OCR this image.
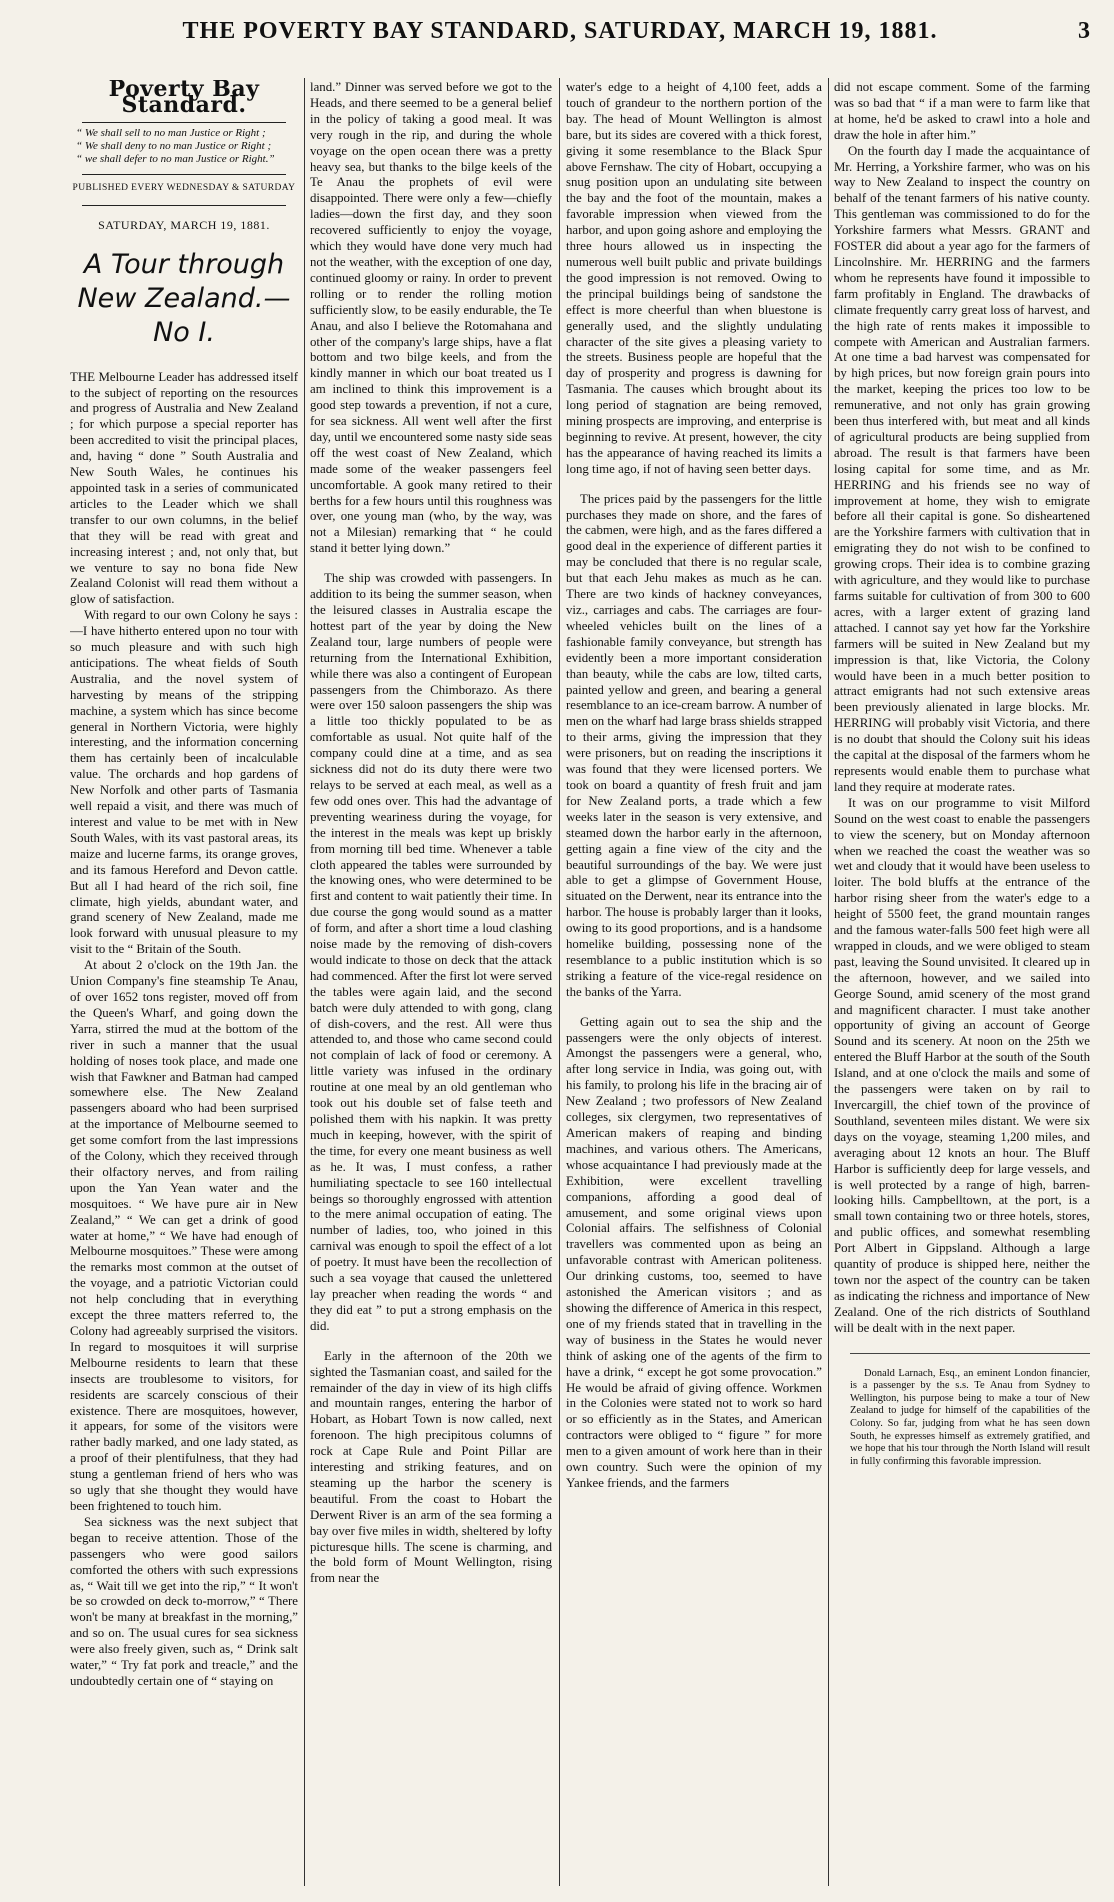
THE POVERTY BAY STANDARD, SATURDAY, MARCH 19, 1881.	3
Poverty Bay Standard.
“ We shall sell to no man Justice or Right ;
“ We shall deny to no man Justice or Right ;
“ we shall defer to no man Justice or Right.”
PUBLISHED EVERY WEDNESDAY & SATURDAY
SATURDAY, MARCH 19, 1881.
A Tour through New Zealand.—No I.

THE Melbourne Leader has addressed itself to the subject of reporting on the resources and progress of Australia and New Zealand ; for which purpose a special reporter has been accredited to visit the principal places, and, having “ done ” South Australia and New South Wales, he continues his appointed task in a series of communicated articles to the Leader which we shall transfer to our own columns, in the belief that they will be read with great and increasing interest ; and, not only that, but we venture to say no bona fide New Zealand Colonist will read them without a glow of satisfaction.

With regard to our own Colony he says :—I have hitherto entered upon no tour with so much pleasure and with such high anticipations. The wheat fields of South Australia, and the novel system of harvesting by means of the stripping machine, a system which has since become general in Northern Victoria, were highly interesting, and the information concerning them has certainly been of incalculable value. The orchards and hop gardens of New Norfolk and other parts of Tasmania well repaid a visit, and there was much of interest and value to be met with in New South Wales, with its vast pastoral areas, its maize and lucerne farms, its orange groves, and its famous Hereford and Devon cattle. But all I had heard of the rich soil, fine climate, high yields, abundant water, and grand scenery of New Zealand, made me look forward with unusual pleasure to my visit to the “ Britain of the South.

At about 2 o'clock on the 19th Jan. the Union Company's fine steamship Te Anau, of over 1652 tons register, moved off from the Queen's Wharf, and going down the Yarra, stirred the mud at the bottom of the river in such a manner that the usual holding of noses took place, and made one wish that Fawkner and Batman had camped somewhere else. The New Zealand passengers aboard who had been surprised at the importance of Melbourne seemed to get some comfort from the last impressions of the Colony, which they received through their olfactory nerves, and from railing upon the Yan Yean water and the mosquitoes. “ We have pure air in New Zealand,” “ We can get a drink of good water at home,” “ We have had enough of Melbourne mosquitoes.” These were among the remarks most common at the outset of the voyage, and a patriotic Victorian could not help concluding that in everything except the three matters referred to, the Colony had agreeably surprised the visitors. In regard to mosquitoes it will surprise Melbourne residents to learn that these insects are troublesome to visitors, for residents are scarcely conscious of their existence. There are mosquitoes, however, it appears, for some of the visitors were rather badly marked, and one lady stated, as a proof of their plentifulness, that they had stung a gentleman friend of hers who was so ugly that she thought they would have been frightened to touch him.

Sea sickness was the next subject that began to receive attention. Those of the passengers who were good sailors comforted the others with such expressions as, “ Wait till we get into the rip,” “ It won't be so crowded on deck to-morrow,” “ There won't be many at breakfast in the morning,” and so on. The usual cures for sea sickness were also freely given, such as, “ Drink salt water,” “ Try fat pork and treacle,” and the undoubtedly certain one of “ staying on

land.” Dinner was served before we got to the Heads, and there seemed to be a general belief in the policy of taking a good meal. It was very rough in the rip, and during the whole voyage on the open ocean there was a pretty heavy sea, but thanks to the bilge keels of the Te Anau the prophets of evil were disappointed. There were only a few—chiefly ladies—down the first day, and they soon recovered sufficiently to enjoy the voyage, which they would have done very much had not the weather, with the exception of one day, continued gloomy or rainy. In order to prevent rolling or to render the rolling motion sufficiently slow, to be easily endurable, the Te Anau, and also I believe the Rotomahana and other of the company's large ships, have a flat bottom and two bilge keels, and from the kindly manner in which our boat treated us I am inclined to think this improvement is a good step towards a prevention, if not a cure, for sea sickness. All went well after the first day, until we encountered some nasty side seas off the west coast of New Zealand, which made some of the weaker passengers feel uncomfortable. A gook many retired to their berths for a few hours until this roughness was over, one young man (who, by the way, was not a Milesian) remarking that “ he could stand it better lying down.”

The ship was crowded with passengers. In addition to its being the summer season, when the leisured classes in Australia escape the hottest part of the year by doing the New Zealand tour, large numbers of people were returning from the International Exhibition, while there was also a contingent of European passengers from the Chimborazo. As there were over 150 saloon passengers the ship was a little too thickly populated to be as comfortable as usual. Not quite half of the company could dine at a time, and as sea sickness did not do its duty there were two relays to be served at each meal, as well as a few odd ones over. This had the advantage of preventing weariness during the voyage, for the interest in the meals was kept up briskly from morning till bed time. Whenever a table cloth appeared the tables were surrounded by the knowing ones, who were determined to be first and content to wait patiently their time. In due course the gong would sound as a matter of form, and after a short time a loud clashing noise made by the removing of dish-covers would indicate to those on deck that the attack had commenced. After the first lot were served the tables were again laid, and the second batch were duly attended to with gong, clang of dish-covers, and the rest. All were thus attended to, and those who came second could not complain of lack of food or ceremony. A little variety was infused in the ordinary routine at one meal by an old gentleman who took out his double set of false teeth and polished them with his napkin. It was pretty much in keeping, however, with the spirit of the time, for every one meant business as well as he. It was, I must confess, a rather humiliating spectacle to see 160 intellectual beings so thoroughly engrossed with attention to the mere animal occupation of eating. The number of ladies, too, who joined in this carnival was enough to spoil the effect of a lot of poetry. It must have been the recollection of such a sea voyage that caused the unlettered lay preacher when reading the words “ and they did eat ” to put a strong emphasis on the did.

Early in the afternoon of the 20th we sighted the Tasmanian coast, and sailed for the remainder of the day in view of its high cliffs and mountain ranges, entering the harbor of Hobart, as Hobart Town is now called, next forenoon. The high precipitous columns of rock at Cape Rule and Point Pillar are interesting and striking features, and on steaming up the harbor the scenery is beautiful. From the coast to Hobart the Derwent River is an arm of the sea forming a bay over five miles in width, sheltered by lofty picturesque hills. The scene is charming, and the bold form of Mount Wellington, rising from near the

water's edge to a height of 4,100 feet, adds a touch of grandeur to the northern portion of the bay. The head of Mount Wellington is almost bare, but its sides are covered with a thick forest, giving it some resemblance to the Black Spur above Fernshaw. The city of Hobart, occupying a snug position upon an undulating site between the bay and the foot of the mountain, makes a favorable impression when viewed from the harbor, and upon going ashore and employing the three hours allowed us in inspecting the numerous well built public and private buildings the good impression is not removed. Owing to the principal buildings being of sandstone the effect is more cheerful than when bluestone is generally used, and the slightly undulating character of the site gives a pleasing variety to the streets. Business people are hopeful that the day of prosperity and progress is dawning for Tasmania. The causes which brought about its long period of stagnation are being removed, mining prospects are improving, and enterprise is beginning to revive. At present, however, the city has the appearance of having reached its limits a long time ago, if not of having seen better days.

The prices paid by the passengers for the little purchases they made on shore, and the fares of the cabmen, were high, and as the fares differed a good deal in the experience of different parties it may be concluded that there is no regular scale, but that each Jehu makes as much as he can. There are two kinds of hackney conveyances, viz., carriages and cabs. The carriages are four-wheeled vehicles built on the lines of a fashionable family conveyance, but strength has evidently been a more important consideration than beauty, while the cabs are low, tilted carts, painted yellow and green, and bearing a general resemblance to an ice-cream barrow. A number of men on the wharf had large brass shields strapped to their arms, giving the impression that they were prisoners, but on reading the inscriptions it was found that they were licensed porters. We took on board a quantity of fresh fruit and jam for New Zealand ports, a trade which a few weeks later in the season is very extensive, and steamed down the harbor early in the afternoon, getting again a fine view of the city and the beautiful surroundings of the bay. We were just able to get a glimpse of Government House, situated on the Derwent, near its entrance into the harbor. The house is probably larger than it looks, owing to its good proportions, and is a handsome homelike building, possessing none of the resemblance to a public institution which is so striking a feature of the vice-regal residence on the banks of the Yarra.

Getting again out to sea the ship and the passengers were the only objects of interest. Amongst the passengers were a general, who, after long service in India, was going out, with his family, to prolong his life in the bracing air of New Zealand ; two professors of New Zealand colleges, six clergymen, two representatives of American makers of reaping and binding machines, and various others. The Americans, whose acquaintance I had previously made at the Exhibition, were excellent travelling companions, affording a good deal of amusement, and some original views upon Colonial affairs. The selfishness of Colonial travellers was commented upon as being an unfavorable contrast with American politeness. Our drinking customs, too, seemed to have astonished the American visitors ; and as showing the difference of America in this respect, one of my friends stated that in travelling in the way of business in the States he would never think of asking one of the agents of the firm to have a drink, “ except he got some provocation.” He would be afraid of giving offence. Workmen in the Colonies were stated not to work so hard or so efficiently as in the States, and American contractors were obliged to “ figure ” for more men to a given amount of work here than in their own country. Such were the opinion of my Yankee friends, and the farmers

did not escape comment. Some of the farming was so bad that “ if a man were to farm like that at home, he'd be asked to crawl into a hole and draw the hole in after him.”

On the fourth day I made the acquaintance of Mr. Herring, a Yorkshire farmer, who was on his way to New Zealand to inspect the country on behalf of the tenant farmers of his native county. This gentleman was commissioned to do for the Yorkshire farmers what Messrs. GRANT and FOSTER did about a year ago for the farmers of Lincolnshire. Mr. HERRING and the farmers whom he represents have found it impossible to farm profitably in England. The drawbacks of climate frequently carry great loss of harvest, and the high rate of rents makes it impossible to compete with American and Australian farmers. At one time a bad harvest was compensated for by high prices, but now foreign grain pours into the market, keeping the prices too low to be remunerative, and not only has grain growing been thus interfered with, but meat and all kinds of agricultural products are being supplied from abroad. The result is that farmers have been losing capital for some time, and as Mr. HERRING and his friends see no way of improvement at home, they wish to emigrate before all their capital is gone. So disheartened are the Yorkshire farmers with cultivation that in emigrating they do not wish to be confined to growing crops. Their idea is to combine grazing with agriculture, and they would like to purchase farms suitable for cultivation of from 300 to 600 acres, with a larger extent of grazing land attached. I cannot say yet how far the Yorkshire farmers will be suited in New Zealand but my impression is that, like Victoria, the Colony would have been in a much better position to attract emigrants had not such extensive areas been previously alienated in large blocks. Mr. HERRING will probably visit Victoria, and there is no doubt that should the Colony suit his ideas the capital at the disposal of the farmers whom he represents would enable them to purchase what land they require at moderate rates.

It was on our programme to visit Milford Sound on the west coast to enable the passengers to view the scenery, but on Monday afternoon when we reached the coast the weather was so wet and cloudy that it would have been useless to loiter. The bold bluffs at the entrance of the harbor rising sheer from the water's edge to a height of 5500 feet, the grand mountain ranges and the famous water-falls 500 feet high were all wrapped in clouds, and we were obliged to steam past, leaving the Sound unvisited. It cleared up in the afternoon, however, and we sailed into George Sound, amid scenery of the most grand and magnificent character. I must take another opportunity of giving an account of George Sound and its scenery. At noon on the 25th we entered the Bluff Harbor at the south of the South Island, and at one o'clock the mails and some of the passengers were taken on by rail to Invercargill, the chief town of the province of Southland, seventeen miles distant. We were six days on the voyage, steaming 1,200 miles, and averaging about 12 knots an hour. The Bluff Harbor is sufficiently deep for large vessels, and is well protected by a range of high, barren-looking hills. Campbelltown, at the port, is a small town containing two or three hotels, stores, and public offices, and somewhat resembling Port Albert in Gippsland. Although a large quantity of produce is shipped here, neither the town nor the aspect of the country can be taken as indicating the richness and importance of New Zealand. One of the rich districts of Southland will be dealt with in the next paper.

Donald Larnach, Esq., an eminent London financier, is a passenger by the s.s. Te Anau from Sydney to Wellington, his purpose being to make a tour of New Zealand to judge for himself of the capabilities of the Colony. So far, judging from what he has seen down South, he expresses himself as extremely gratified, and we hope that his tour through the North Island will result in fully confirming this favorable impression.
